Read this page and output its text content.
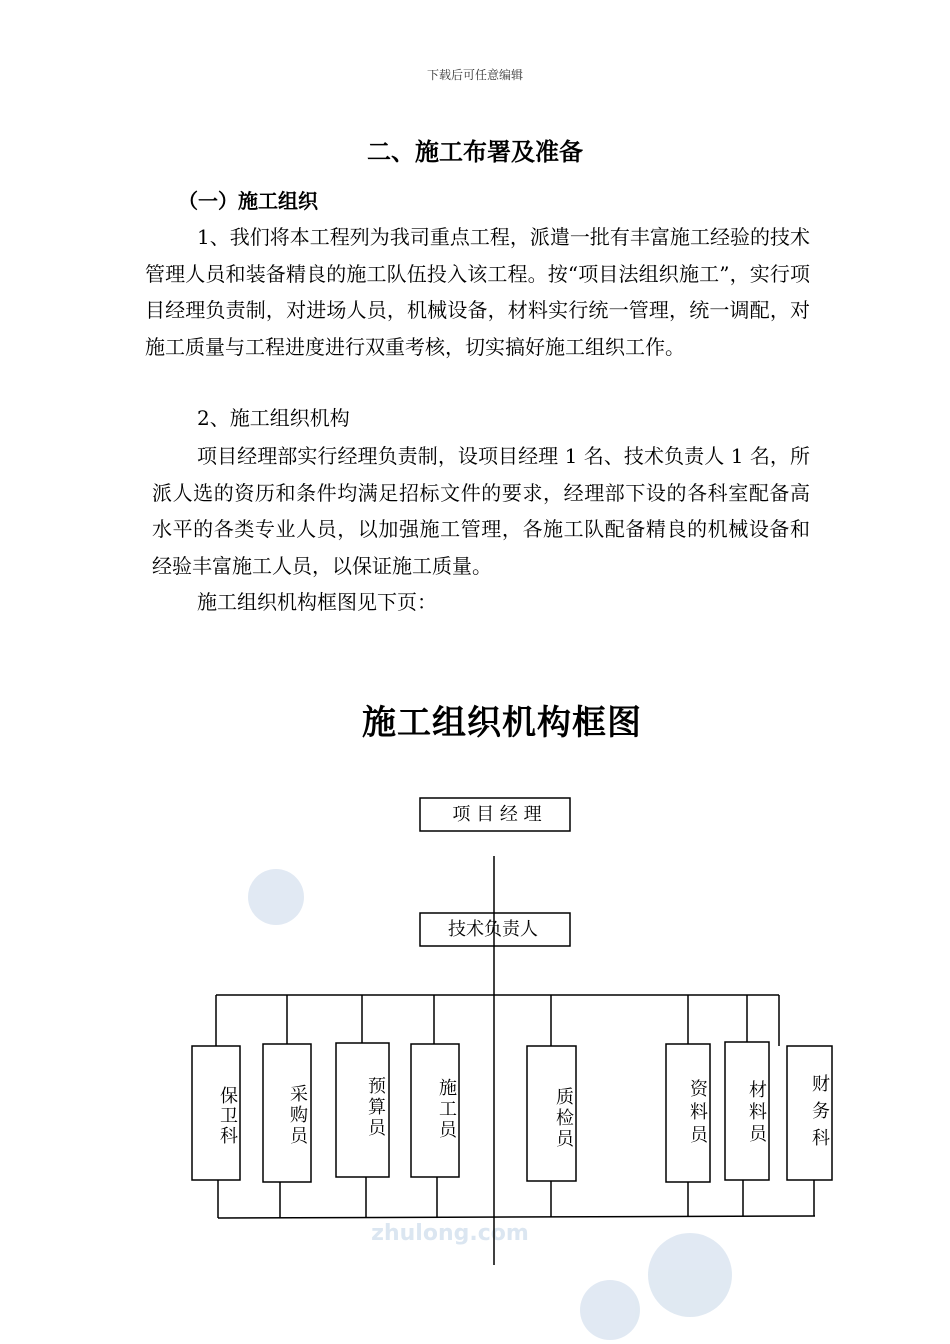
下载后可任意编辑
二、施工布署及准备
（一）施工组织
1、我们将本工程列为我司重点工程，派遣一批有丰富施工经验的技术管理人员和装备精良的施工队伍投入该工程。按“项目法组织施工”，实行项目经理负责制，对进场人员，机械设备，材料实行统一管理，统一调配，对施工质量与工程进度进行双重考核，切实搞好施工组织工作。
2、施工组织机构
项目经理部实行经理负责制，设项目经理 1 名、技术负责人 1 名，所派人选的资历和条件均满足招标文件的要求，经理部下设的各科室配备高水平的各类专业人员，以加强施工管理，各施工队配备精良的机械设备和经验丰富施工人员，以保证施工质量。
施工组织机构框图见下页：
施工组织机构框图
zhulong.com
项 目 经 理
技术负责人
保卫科
采购员
预算员
施工员
质检员
资料员
材料员
财务科
